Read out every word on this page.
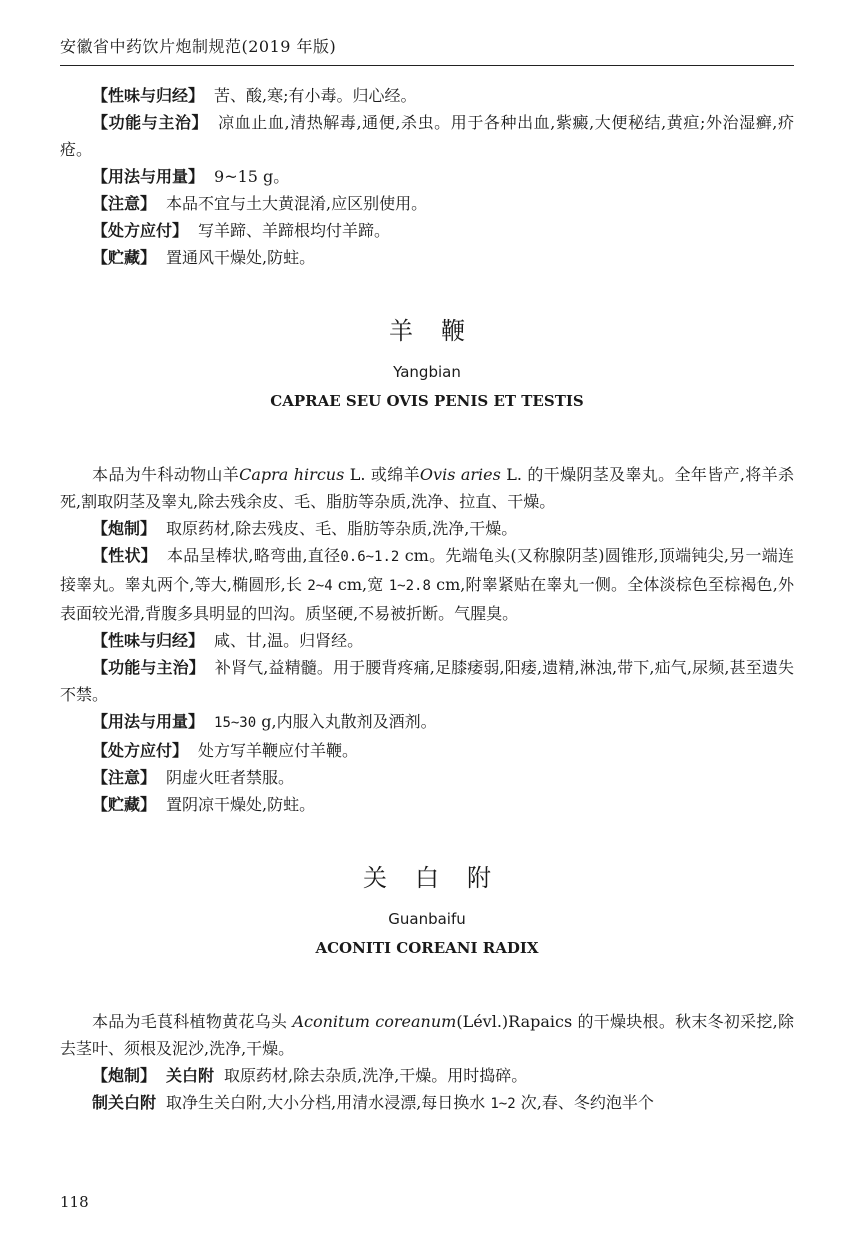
安徽省中药饮片炮制规范(2019 年版)

【性味与归经】 苦、酸,寒;有小毒。归心经。

【功能与主治】 凉血止血,清热解毒,通便,杀虫。用于各种出血,紫癜,大便秘结,黄疸;外治湿癣,疥疮。

【用法与用量】 9~15 g。

【注意】 本品不宜与土大黄混淆,应区别使用。

【处方应付】 写羊蹄、羊蹄根均付羊蹄。

【贮藏】 置通风干燥处,防蛀。

羊鞭

Yangbian

CAPRAE SEU OVIS PENIS ET TESTIS

本品为牛科动物山羊Capra hircus L. 或绵羊Ovis aries L. 的干燥阴茎及睾丸。全年皆产,将羊杀死,割取阴茎及睾丸,除去残余皮、毛、脂肪等杂质,洗净、拉直、干燥。

【炮制】 取原药材,除去残皮、毛、脂肪等杂质,洗净,干燥。

【性状】 本品呈棒状,略弯曲,直径0.6~1.2 cm。先端龟头(又称腺阴茎)圆锥形,顶端钝尖,另一端连接睾丸。睾丸两个,等大,椭圆形,长 2~4 cm,宽 1~2.8 cm,附睾紧贴在睾丸一侧。全体淡棕色至棕褐色,外表面较光滑,背腹多具明显的凹沟。质坚硬,不易被折断。气腥臭。

【性味与归经】 咸、甘,温。归肾经。

【功能与主治】 补肾气,益精髓。用于腰背疼痛,足膝痿弱,阳痿,遗精,淋浊,带下,疝气,尿频,甚至遗失不禁。

【用法与用量】 15~30 g,内服入丸散剂及酒剂。

【处方应付】 处方写羊鞭应付羊鞭。

【注意】 阴虚火旺者禁服。

【贮藏】 置阴凉干燥处,防蛀。

关白附

Guanbaifu

ACONITI COREANI RADIX

本品为毛茛科植物黄花乌头 Aconitum coreanum(Lévl.)Rapaics 的干燥块根。秋末冬初采挖,除去茎叶、须根及泥沙,洗净,干燥。

【炮制】 关白附 取原药材,除去杂质,洗净,干燥。用时捣碎。

制关白附 取净生关白附,大小分档,用清水浸漂,每日换水 1~2 次,春、冬约泡半个

118
